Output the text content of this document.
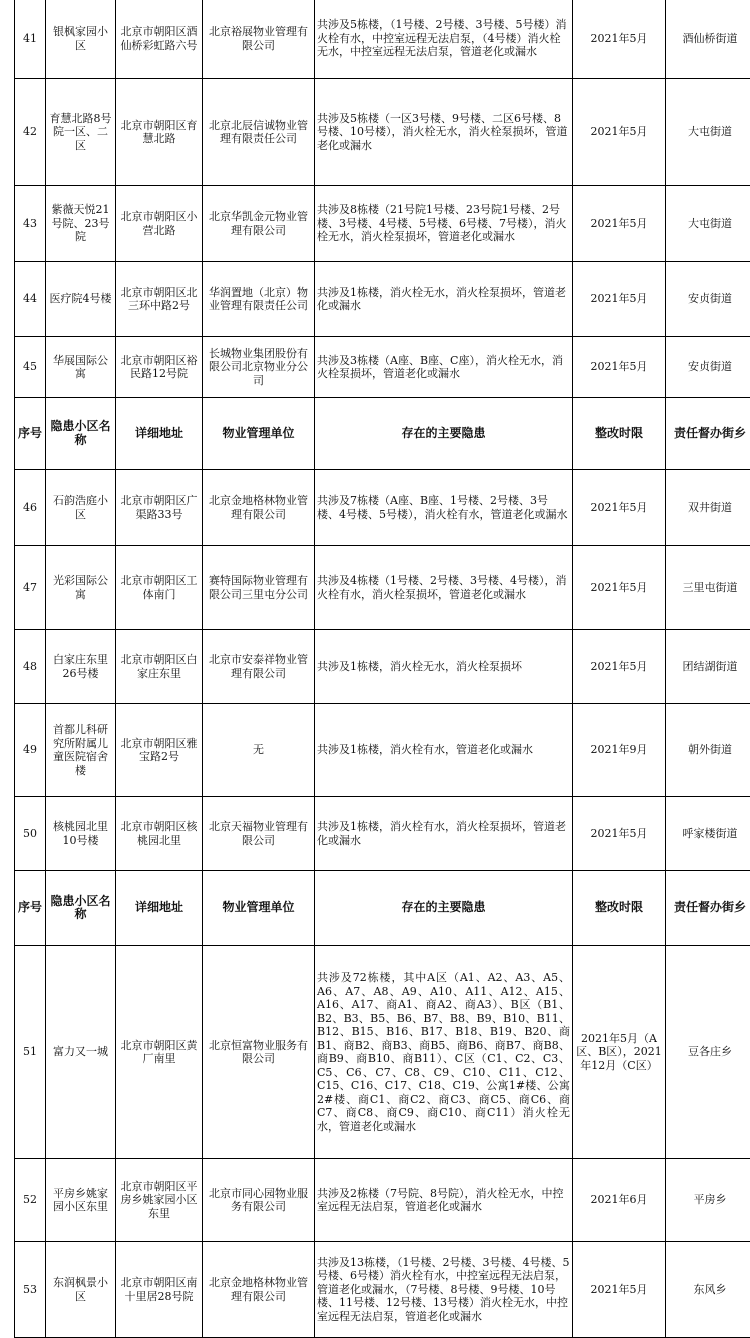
41	银枫家园小区	北京市朝阳区酒仙桥彩虹路六号	北京裕展物业管理有限公司	共涉及5栋楼，（1号楼、2号楼、3号楼、5号楼）消火栓有水，中控室远程无法启泵，（4号楼）消火栓无水，中控室远程无法启泵，管道老化或漏水	2021年5月	酒仙桥街道
42	育慧北路8号院一区、二区	北京市朝阳区育慧北路	北京北辰信诚物业管理有限责任公司	共涉及5栋楼（一区3号楼、9号楼、二区6号楼、8号楼、10号楼），消火栓无水，消火栓泵损坏，管道老化或漏水	2021年5月	大屯街道
43	紫薇天悦21号院、23号院	北京市朝阳区小营北路	北京华凯金元物业管理有限公司	共涉及8栋楼（21号院1号楼、23号院1号楼、2号楼、3号楼、4号楼、5号楼、6号楼、7号楼），消火栓无水，消火栓泵损坏，管道老化或漏水	2021年5月	大屯街道
44	医疗院4号楼	北京市朝阳区北三环中路2号	华润置地（北京）物业管理有限责任公司	共涉及1栋楼，消火栓无水，消火栓泵损坏，管道老化或漏水	2021年5月	安贞街道
45	华展国际公寓	北京市朝阳区裕民路12号院	长城物业集团股份有限公司北京物业分公司	共涉及3栋楼（A座、B座、C座），消火栓无水，消火栓泵损坏，管道老化或漏水	2021年5月	安贞街道
序号	隐患小区名称	详细地址	物业管理单位	存在的主要隐患	整改时限	责任督办街乡
46	石韵浩庭小区	北京市朝阳区广渠路33号	北京金地格林物业管理有限公司	共涉及7栋楼（A座、B座、1号楼、2号楼、3号楼、4号楼、5号楼），消火栓有水，管道老化或漏水	2021年5月	双井街道
47	光彩国际公寓	北京市朝阳区工体南门	赛特国际物业管理有限公司三里屯分公司	共涉及4栋楼（1号楼、2号楼、3号楼、4号楼），消火栓有水，消火栓泵损坏，管道老化或漏水	2021年5月	三里屯街道
48	白家庄东里26号楼	北京市朝阳区白家庄东里	北京市安泰祥物业管理有限公司	共涉及1栋楼，消火栓无水，消火栓泵损坏	2021年5月	团结湖街道
49	首都儿科研究所附属儿童医院宿舍楼	北京市朝阳区雅宝路2号	无	共涉及1栋楼，消火栓有水，管道老化或漏水	2021年9月	朝外街道
50	核桃园北里10号楼	北京市朝阳区核桃园北里	北京天福物业管理有限公司	共涉及1栋楼，消火栓有水，消火栓泵损坏，管道老化或漏水	2021年5月	呼家楼街道
序号	隐患小区名称	详细地址	物业管理单位	存在的主要隐患	整改时限	责任督办街乡
51	富力又一城	北京市朝阳区黄厂南里	北京恒富物业服务有限公司	共涉及72栋楼，其中A区（A1、A2、A3、A5、A6、A7、A8、A9、A10、A11、A12、A15、A16、A17、商A1、商A2、商A3）、B区（B1、B2、B3、B5、B6、B7、B8、B9、B10、B11、B12、B15、B16、B17、B18、B19、B20、商B1、商B2、商B3、商B5、商B6、商B7、商B8、商B9、商B10、商B11）、C区（C1、C2、C3、C5、C6、C7、C8、C9、C10、C11、C12、C15、C16、C17、C18、C19、公寓1#楼、公寓2#楼、商C1、商C2、商C3、商C5、商C6、商C7、商C8、商C9、商C10、商C11）消火栓无水，管道老化或漏水	2021年5月（A区、B区），2021年12月（C区）	豆各庄乡
52	平房乡姚家园小区东里	北京市朝阳区平房乡姚家园小区东里	北京市同心园物业服务有限公司	共涉及2栋楼（7号院、8号院），消火栓无水，中控室远程无法启泵，管道老化或漏水	2021年6月	平房乡
53	东润枫景小区	北京市朝阳区南十里居28号院	北京金地格林物业管理有限公司	共涉及13栋楼，（1号楼、2号楼、3号楼、4号楼、5号楼、6号楼）消火栓有水，中控室远程无法启泵，管道老化或漏水，（7号楼、8号楼、9号楼、10号楼、11号楼、12号楼、13号楼）消火栓无水，中控室远程无法启泵，管道老化或漏水	2021年5月	东风乡
